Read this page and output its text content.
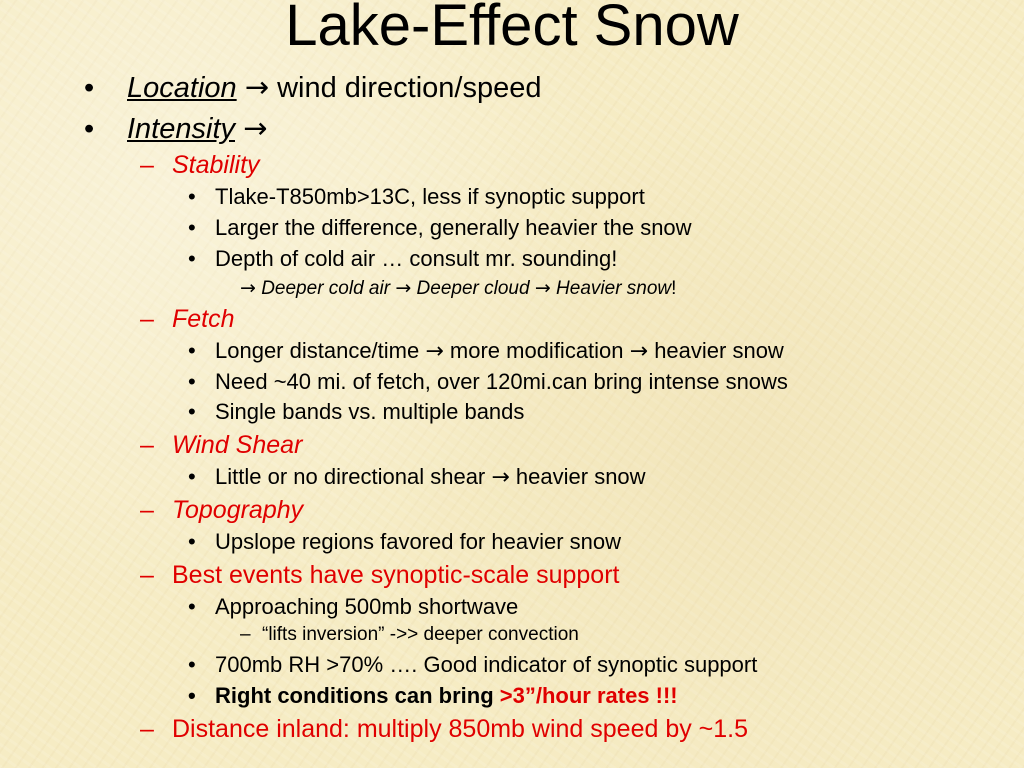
Lake-Effect Snow
• Location → wind direction/speed
• Intensity →
– Stability
• Tlake-T850mb>13C, less if synoptic support
• Larger the difference, generally heavier the snow
• Depth of cold air … consult mr. sounding!
→ Deeper cold air → Deeper cloud → Heavier snow!
– Fetch
• Longer distance/time → more modification → heavier snow
• Need ~40 mi. of fetch, over 120mi.can bring intense snows
• Single bands vs. multiple bands
– Wind Shear
• Little or no directional shear → heavier snow
– Topography
• Upslope regions favored for heavier snow
– Best events have synoptic-scale support
• Approaching 500mb shortwave
– “lifts inversion” ->> deeper convection
• 700mb RH >70% …. Good indicator of synoptic support
• Right conditions can bring >3”/hour rates !!!
– Distance inland: multiply 850mb wind speed by ~1.5
